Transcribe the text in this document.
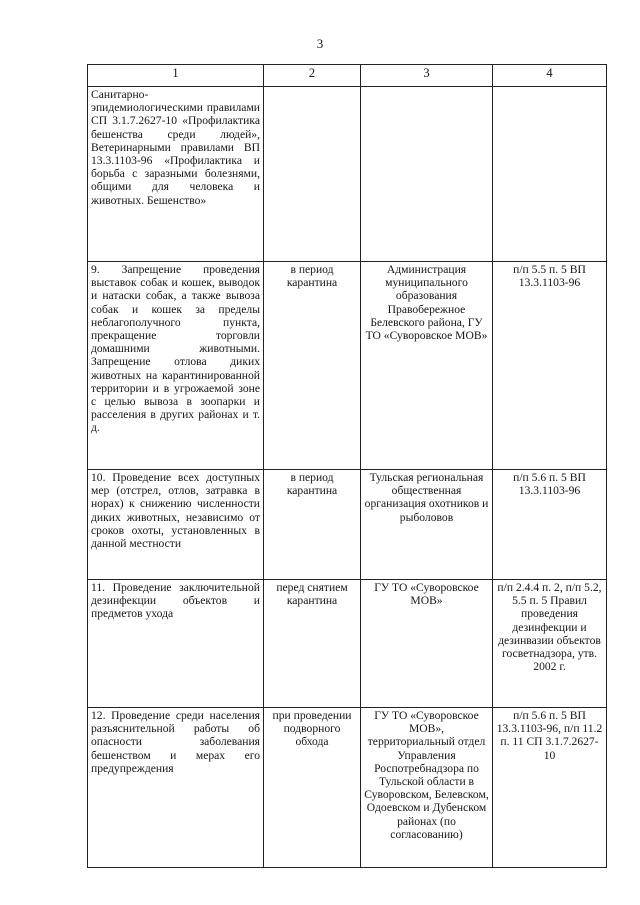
3
1	2	3	4
Санитарно-эпидемиологическими правилами СП 3.1.7.2627-10 «Профилактика бешенства среди людей», Ветеринарными правилами ВП 13.3.1103-96 «Профилактика и борьба с заразными болезнями, общими для человека и животных. Бешенство»			
9. Запрещение проведения выставок собак и кошек, выводок и натаски собак, а также вывоза собак и кошек за пределы неблагополучного пункта, прекращение торговли домашними животными. Запрещение отлова диких животных на карантинированной территории и в угрожаемой зоне с целью вывоза в зоопарки и расселения в других районах и т. д.	в период карантина	Администрация муниципального образования Правобережное Белевского района, ГУ ТО «Суворовское МОВ»	п/п 5.5 п. 5 ВП 13.3.1103-96
10. Проведение всех доступных мер (отстрел, отлов, затравка в норах) к снижению численности диких животных, независимо от сроков охоты, установленных в данной местности	в период карантина	Тульская региональная общественная организация охотников и рыболовов	п/п 5.6 п. 5 ВП 13.3.1103-96
11. Проведение заключительной дезинфекции объектов и предметов ухода	перед снятием карантина	ГУ ТО «Суворовское МОВ»	п/п 2.4.4 п. 2, п/п 5.2, 5.5 п. 5 Правил проведения дезинфекции и дезинвазии объектов госветнадзора, утв. 2002 г.
12. Проведение среди населения разъяснительной работы об опасности заболевания бешенством и мерах его предупреждения	при проведении подворного обхода	ГУ ТО «Суворовское МОВ», территориальный отдел Управления Роспотребнадзора по Тульской области в Суворовском, Белевском, Одоевском и Дубенском районах (по согласованию)	п/п 5.6 п. 5 ВП 13.3.1103-96, п/п 11.2 п. 11 СП 3.1.7.2627-10
